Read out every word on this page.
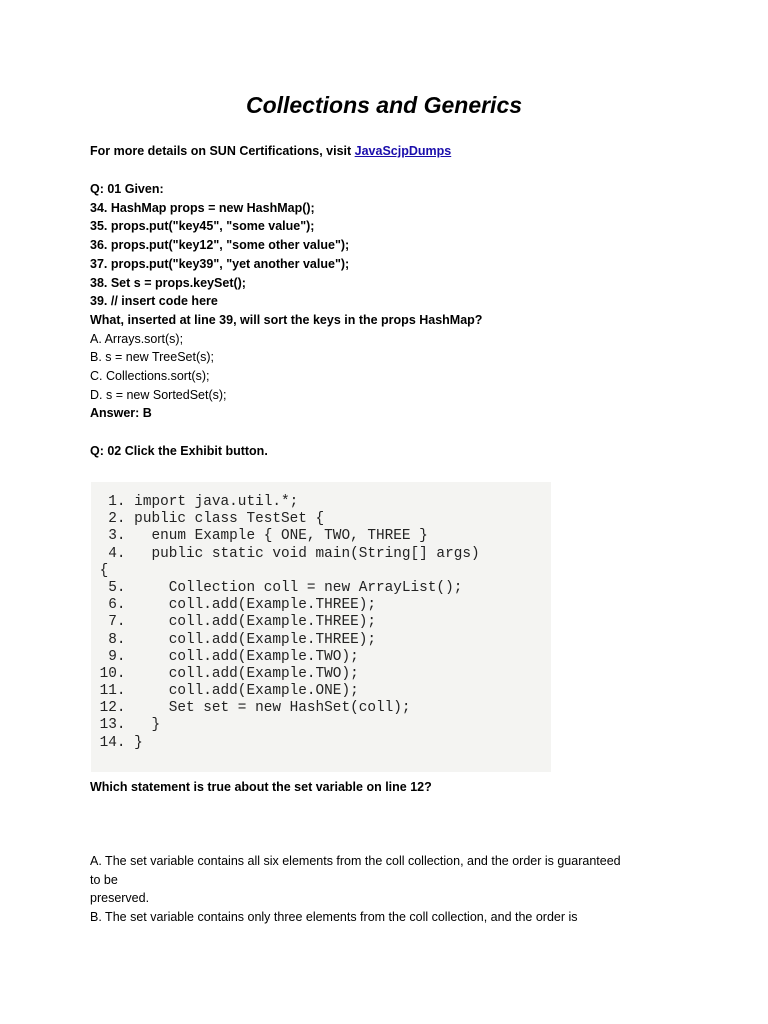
Collections and Generics
For more details on SUN Certifications, visit JavaScjpDumps
Q: 01 Given:
34. HashMap props = new HashMap();
35. props.put("key45", "some value");
36. props.put("key12", "some other value");
37. props.put("key39", "yet another value");
38. Set s = props.keySet();
39. // insert code here
What, inserted at line 39, will sort the keys in the props HashMap?
A. Arrays.sort(s);
B. s = new TreeSet(s);
C. Collections.sort(s);
D. s = new SortedSet(s);
Answer: B
Q: 02 Click the Exhibit button.
1. import java.util.*;
2. public class TestSet {
3.   enum Example { ONE, TWO, THREE }
4.   public static void main(String[] args)
{
5.     Collection coll = new ArrayList();
6.     coll.add(Example.THREE);
7.     coll.add(Example.THREE);
8.     coll.add(Example.THREE);
9.     coll.add(Example.TWO);
10.     coll.add(Example.TWO);
11.     coll.add(Example.ONE);
12.     Set set = new HashSet(coll);
13.   }
14. }
Which statement is true about the set variable on line 12?
A. The set variable contains all six elements from the coll collection, and the order is guaranteed
to be
preserved.
B. The set variable contains only three elements from the coll collection, and the order is
